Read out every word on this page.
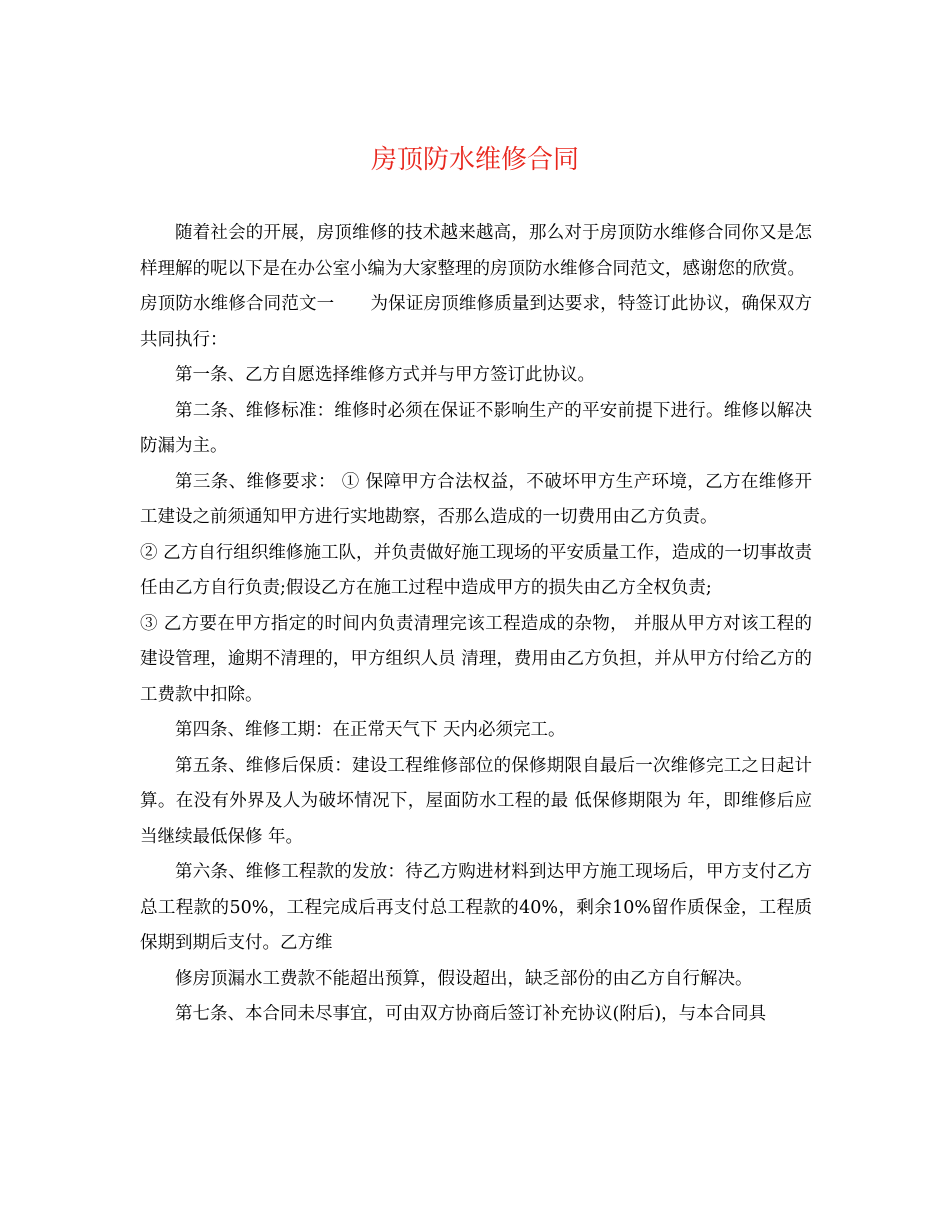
房顶防水维修合同

随着社会的开展，房顶维修的技术越来越高，那么对于房顶防水维修合同你又是怎样理解的呢以下是在办公室小编为大家整理的房顶防水维修合同范文，感谢您的欣赏。

房顶防水维修合同范文一 为保证房顶维修质量到达要求，特签订此协议，确保双方共同执行：

第一条、乙方自愿选择维修方式并与甲方签订此协议。

第二条、维修标准：维修时必须在保证不影响生产的平安前提下进行。维修以解决防漏为主。

第三条、维修要求： ① 保障甲方合法权益，不破坏甲方生产环境，乙方在维修开工建设之前须通知甲方进行实地勘察，否那么造成的一切费用由乙方负责。

② 乙方自行组织维修施工队，并负责做好施工现场的平安质量工作，造成的一切事故责任由乙方自行负责;假设乙方在施工过程中造成甲方的损失由乙方全权负责;

③ 乙方要在甲方指定的时间内负责清理完该工程造成的杂物， 并服从甲方对该工程的建设管理，逾期不清理的，甲方组织人员 清理，费用由乙方负担，并从甲方付给乙方的工费款中扣除。

第四条、维修工期：在正常天气下 天内必须完工。

第五条、维修后保质：建设工程维修部位的保修期限自最后一次维修完工之日起计算。在没有外界及人为破坏情况下，屋面防水工程的最 低保修期限为 年，即维修后应当继续最低保修 年。

第六条、维修工程款的发放：待乙方购进材料到达甲方施工现场后，甲方支付乙方总工程款的50%，工程完成后再支付总工程款的40%，剩余10%留作质保金，工程质保期到期后支付。乙方维

修房顶漏水工费款不能超出预算，假设超出，缺乏部份的由乙方自行解决。

第七条、本合同未尽事宜，可由双方协商后签订补充协议(附后)，与本合同具
